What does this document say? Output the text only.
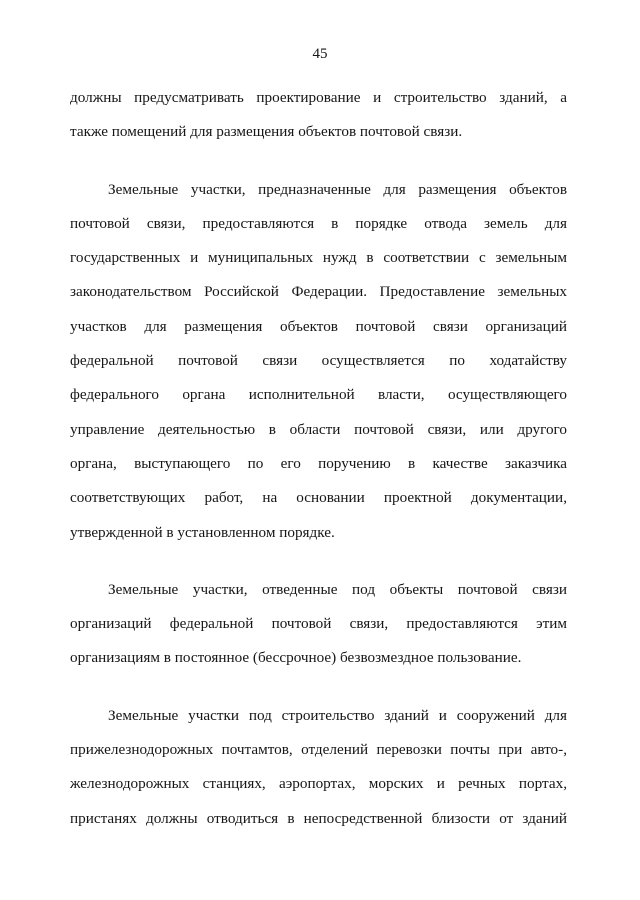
45

должны предусматривать проектирование и строительство зданий, а
также помещений для размещения объектов почтовой связи.

Земельные участки, предназначенные для размещения объектов
почтовой связи, предоставляются в порядке отвода земель для
государственных и муниципальных нужд в соответствии с земельным
законодательством Российской Федерации. Предоставление земельных
участков для размещения объектов почтовой связи организаций
федеральной почтовой связи осуществляется по ходатайству
федерального органа исполнительной власти, осуществляющего
управление деятельностью в области почтовой связи, или другого
органа, выступающего по его поручению в качестве заказчика
соответствующих работ, на основании проектной документации,
утвержденной в установленном порядке.

Земельные участки, отведенные под объекты почтовой связи
организаций федеральной почтовой связи, предоставляются этим
организациям в постоянное (бессрочное) безвозмездное пользование.

Земельные участки под строительство зданий и сооружений для
прижелезнодорожных почтамтов, отделений перевозки почты при авто-,
железнодорожных станциях, аэропортах, морских и речных портах,
пристанях должны отводиться в непосредственной близости от зданий
